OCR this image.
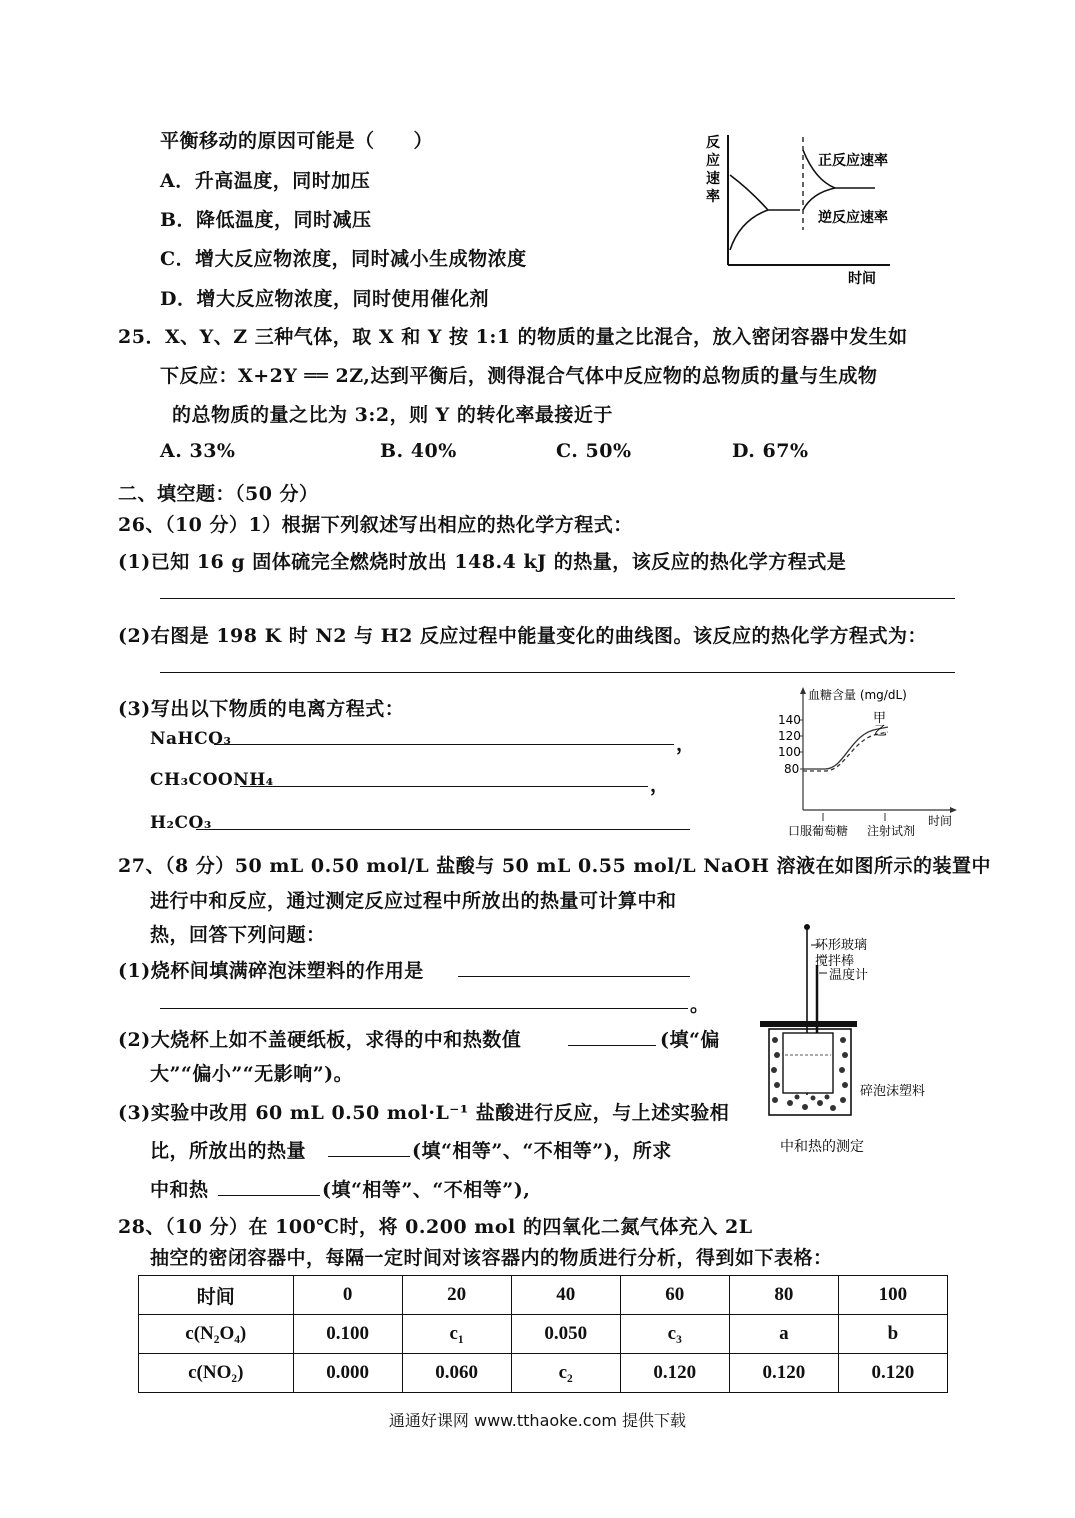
平衡移动的原因可能是（　　）
A．升高温度，同时加压
B．降低温度，同时减压
C．增大反应物浓度，同时减小生成物浓度
D．增大反应物浓度，同时使用催化剂
反
应
速
率
正反应速率
逆反应速率
时间
25．X、Y、Z 三种气体，取 X 和 Y 按 1:1 的物质的量之比混合，放入密闭容器中发生如
下反应：X+2Y ══ 2Z,达到平衡后，测得混合气体中反应物的总物质的量与生成物
的总物质的量之比为 3:2，则 Y 的转化率最接近于
A. 33%	B. 40%	C. 50%	D. 67%
二、填空题：（50 分）
26、（10 分）1）根据下列叙述写出相应的热化学方程式：
(1)已知 16 g 固体硫完全燃烧时放出 148.4 kJ 的热量，该反应的热化学方程式是
(2)右图是 198 K 时 N2 与 H2 反应过程中能量变化的曲线图。该反应的热化学方程式为：
(3)写出以下物质的电离方程式：
NaHCO₃	，
CH₃COONH₄	，
H₂CO₃
血糖含量 (mg/dL)
140
120
100
80
甲
乙
口服葡萄糖 注射试剂
时间
27、（8 分）50 mL 0.50 mol/L 盐酸与 50 mL 0.55 mol/L NaOH 溶液在如图所示的装置中
进行中和反应，通过测定反应过程中所放出的热量可计算中和
热，回答下列问题：
(1)烧杯间填满碎泡沫塑料的作用是
。
(2)大烧杯上如不盖硬纸板，求得的中和热数值	(填“偏
大”“偏小”“无影响”)。
(3)实验中改用 60 mL 0.50 mol·L⁻¹ 盐酸进行反应，与上述实验相
比，所放出的热量	(填“相等”、“不相等”)，所求
中和热	(填“相等”、“不相等”),
环形玻璃
搅拌棒
温度计
碎泡沫塑料
中和热的测定
28、（10 分）在 100℃时，将 0.200 mol 的四氧化二氮气体充入 2L
抽空的密闭容器中，每隔一定时间对该容器内的物质进行分析，得到如下表格：
时间	0	20	40	60	80	100
c(N₂O₄)	0.100	c₁	0.050	c₃	a	b
c(NO₂)	0.000	0.060	c₂	0.120	0.120	0.120
通通好课网 www.tthaoke.com 提供下载
